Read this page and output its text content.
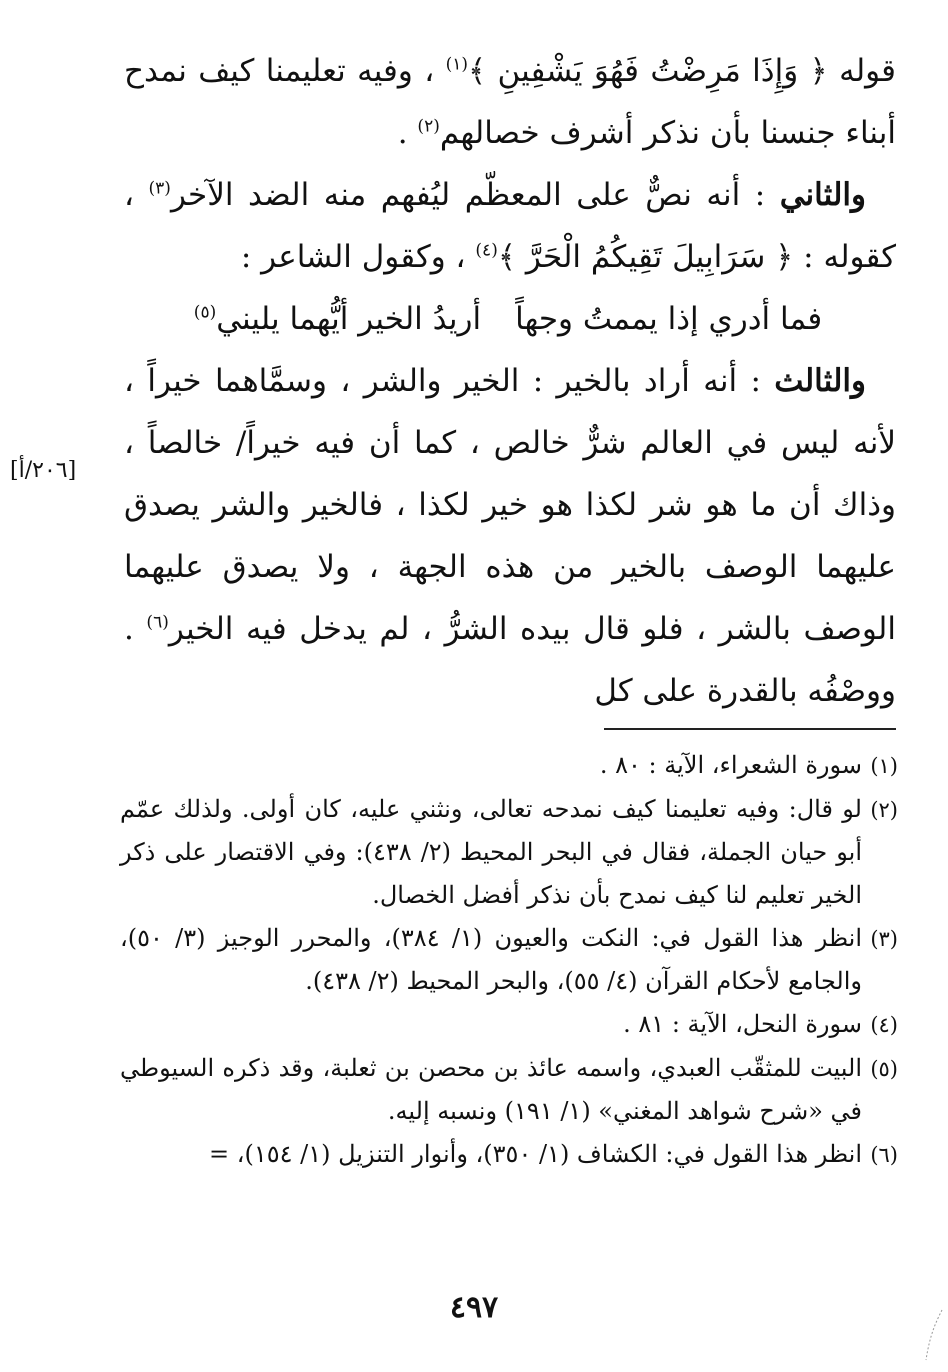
قوله ﴿ وَإِذَا مَرِضْتُ فَهُوَ يَشْفِينِ ﴾$^{(١)}$ ، وفيه تعليمنا كيف نمدح أبناء جنسنا بأن نذكر أشرف خصالهم$^{(٢)}$ .

والثاني : أنه نصٌّ على المعظّم ليُفهم منه الضد الآخر$^{(٣)}$ ، كقوله : ﴿ سَرَابِيلَ تَقِيكُمُ الْحَرَّ ﴾$^{(٤)}$ ، وكقول الشاعر :

فما أدري إذا يممتُ وجهاً
أريدُ الخير أيُّهما يليني$^{(٥)}$

والثالث : أنه أراد بالخير : الخير والشر ، وسمَّاهما خيراً ، لأنه ليس في العالم شرٌّ خالص ، كما أن فيه خيراً/ خالصاً ، وذاك أن ما هو شر لكذا هو خير لكذا ، فالخير والشر يصدق عليهما الوصف بالخير من هذه الجهة ، ولا يصدق عليهما الوصف بالشر ، فلو قال بيده الشرُّ ، لم يدخل فيه الخير$^{(٦)}$ . ووصْفُه بالقدرة على كل

[٢٠٦/أ]
(١)
سورة الشعراء، الآية : ٨٠ .
(٢)
لو قال: وفيه تعليمنا كيف نمدحه تعالى، ونثني عليه، كان أولى. ولذلك عمّم أبو حيان الجملة، فقال في البحر المحيط (٢/ ٤٣٨): وفي الاقتصار على ذكر الخير تعليم لنا كيف نمدح بأن نذكر أفضل الخصال.
(٣)
انظر هذا القول في: النكت والعيون (١/ ٣٨٤)، والمحرر الوجيز (٣/ ٥٠)، والجامع لأحكام القرآن (٤/ ٥٥)، والبحر المحيط (٢/ ٤٣٨).
(٤)
سورة النحل، الآية : ٨١ .
(٥)
البيت للمثقّب العبدي، واسمه عائذ بن محصن بن ثعلبة، وقد ذكره السيوطي في «شرح شواهد المغني» (١/ ١٩١) ونسبه إليه.
(٦)
انظر هذا القول في: الكشاف (١/ ٣٥٠)، وأنوار التنزيل (١/ ١٥٤)، =
٤٩٧
